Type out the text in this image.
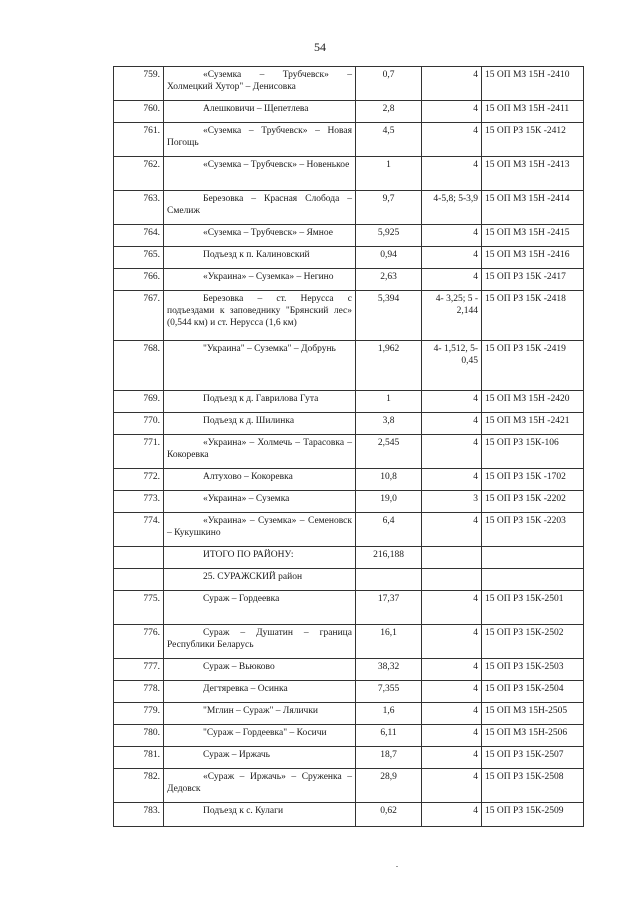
54
759.	«Суземка – Трубчевск» – Холмецкий Хутор" – Денисовка	0,7	4	15 ОП МЗ 15Н -2410
760.	Алешковичи – Щепетлева	2,8	4	15 ОП МЗ 15Н -2411
761.	«Суземка – Трубчевск» – Новая Погощь	4,5	4	15 ОП РЗ 15К -2412
762.	«Суземка – Трубчевск» – Новенькое	1	4	15 ОП МЗ 15Н -2413
763.	Березовка – Красная Слобода – Смелиж	9,7	4-5,8; 5-3,9	15 ОП МЗ 15Н -2414
764.	«Суземка – Трубчевск» – Ямное	5,925	4	15 ОП МЗ 15Н -2415
765.	Подъезд к п. Калиновский	0,94	4	15 ОП МЗ 15Н -2416
766.	«Украина» – Суземка» – Негино	2,63	4	15 ОП РЗ 15К -2417
767.	Березовка – ст. Неруссa с подъездами к заповеднику "Брянский лес» (0,544 км) и ст. Неруcса (1,6 км)	5,394	4- 3,25; 5 - 2,144	15 ОП РЗ 15К -2418
768.	"Украина" – Суземка" – Добрунь	1,962	4- 1,512, 5- 0,45	15 ОП РЗ 15К -2419
769.	Подъезд к д. Гаврилова Гута	1	4	15 ОП МЗ 15Н -2420
770.	Подъезд к д. Шилинка	3,8	4	15 ОП МЗ 15Н -2421
771.	«Украина» – Холмечь – Тарасовка – Кокоревка	2,545	4	15 ОП РЗ 15К-106
772.	Алтухово – Кокоревка	10,8	4	15 ОП РЗ 15К -1702
773.	«Украина» – Суземка	19,0	3	15 ОП РЗ 15К -2202
774.	«Украина» – Суземка» – Семеновск – Кукушкино	6,4	4	15 ОП РЗ 15К -2203
	ИТОГО ПО РАЙОНУ:	216,188		
	25. СУРАЖСКИЙ район			
775.	Сураж – Гордеевка	17,37	4	15 ОП РЗ 15К-2501
776.	Сураж – Душатин – граница Республики Беларусь	16,1	4	15 ОП РЗ 15К-2502
777.	Сураж – Вьюково	38,32	4	15 ОП РЗ 15К-2503
778.	Дегтяревка – Осинка	7,355	4	15 ОП РЗ 15К-2504
779.	"Мглин – Сураж" – Лялички	1,6	4	15 ОП МЗ 15Н-2505
780.	"Сураж – Гордеевка" – Косичи	6,11	4	15 ОП МЗ 15Н-2506
781.	Сураж – Иржачь	18,7	4	15 ОП РЗ 15К-2507
782.	«Сураж – Иржачь» – Сруженка – Дедовск	28,9	4	15 ОП РЗ 15К-2508
783.	Подъезд к с. Кулаги	0,62	4	15 ОП РЗ 15К-2509
